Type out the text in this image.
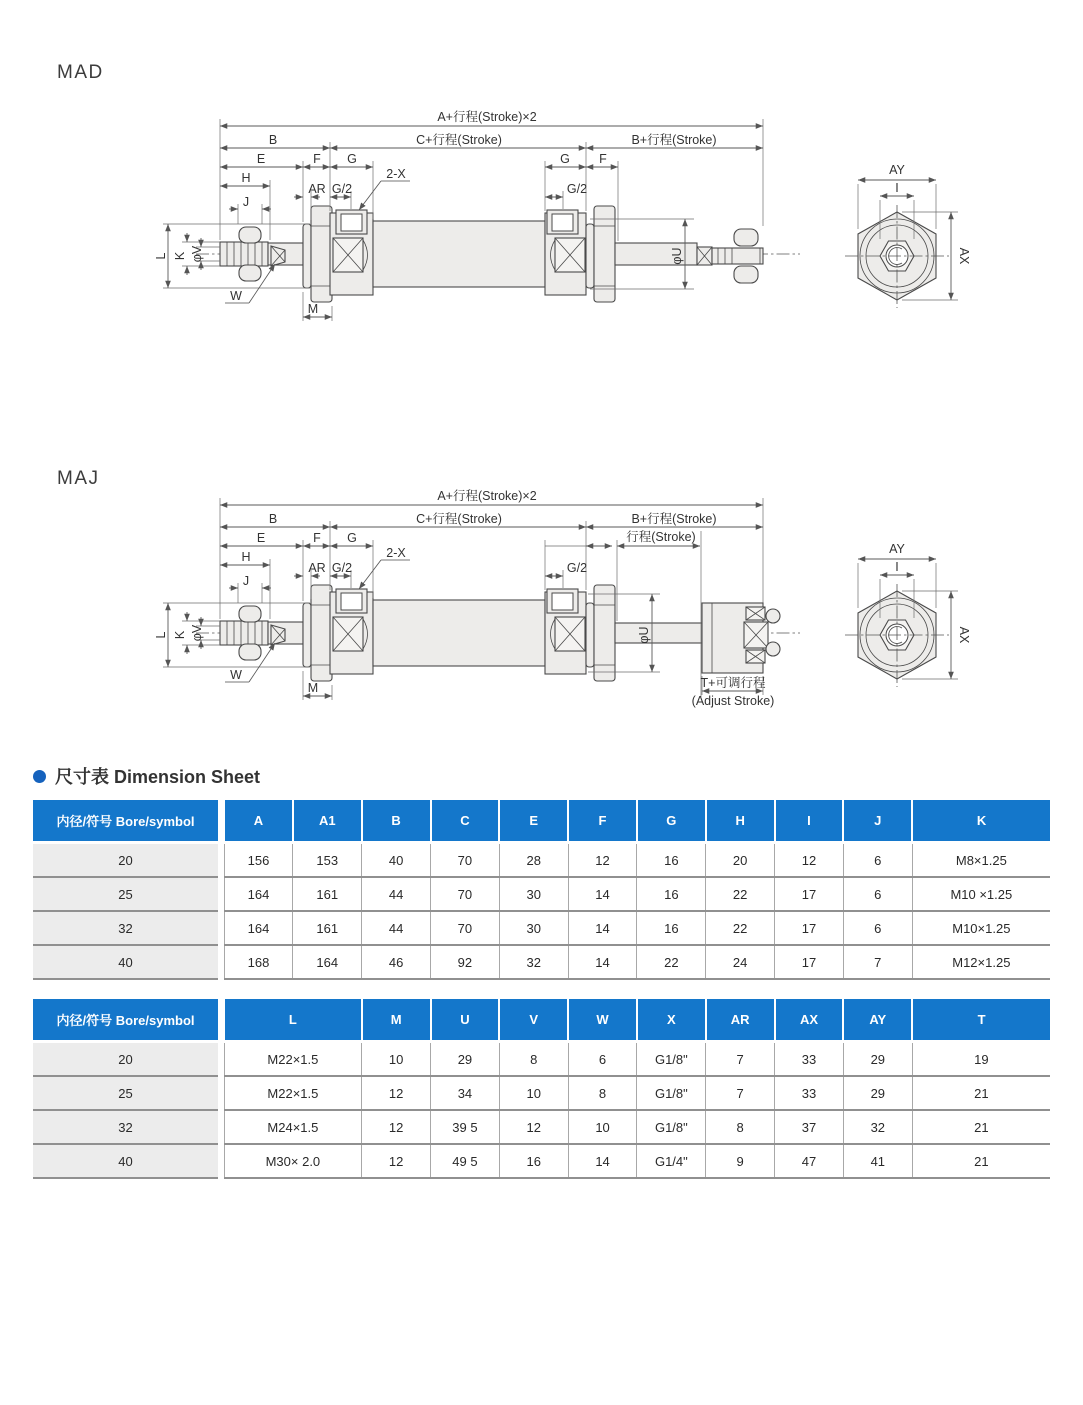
MAD
A+行程(Stroke)×2
B	C+行程(Stroke)	B+行程(Stroke)
E	F G	G F
H
AR G/2	G/2
2-X
J
L K φV
W
M
φU
AY
I
AX
MAJ
A+行程(Stroke)×2
B	C+行程(Stroke)	B+行程(Stroke)
行程(Stroke)
E	F G
H
AR G/2	G/2
2-X
J
L K φV
W
M
φU
AY
I
AX
T+可调行程
(Adjust Stroke)
尺寸表 Dimension Sheet
内径/符号 Bore/symbol		A	A1	B	C	E	F	G	H	I	J	K
20		156	153	40	70	28	12	16	20	12	6	M8×1.25
25		164	161	44	70	30	14	16	22	17	6	M10 ×1.25
32		164	161	44	70	30	14	16	22	17	6	M10×1.25
40		168	164	46	92	32	14	22	24	17	7	M12×1.25
内径/符号 Bore/symbol		L	M	U	V	W	X	AR	AX	AY	T
20		M22×1.5	10	29	8	6	G1/8"	7	33	29	19
25		M22×1.5	12	34	10	8	G1/8"	7	33	29	21
32		M24×1.5	12	39 5	12	10	G1/8"	8	37	32	21
40		M30× 2.0	12	49 5	16	14	G1/4"	9	47	41	21
